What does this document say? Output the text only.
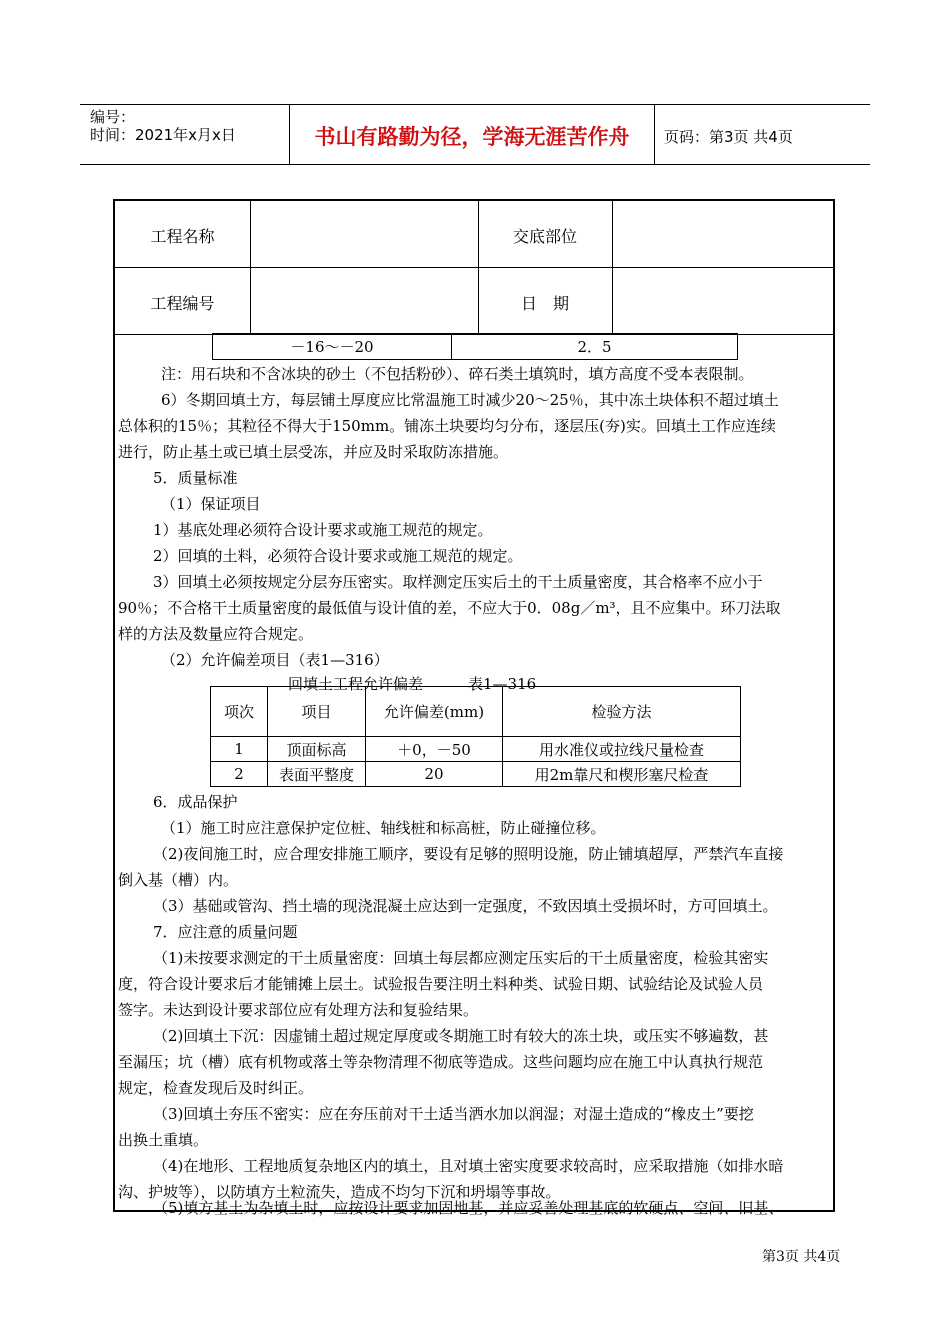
编号：
时间：2021年x月x日	书山有路勤为径，学海无涯苦作舟	页码：第3页 共4页
工程名称	交底部位
工程编号	日　期
－16～－20	2．5
注：用石块和不含冰块的砂土（不包括粉砂）、碎石类土填筑时，填方高度不受本表限制。
6）冬期回填土方，每层铺土厚度应比常温施工时减少20～25％，其中冻土块体积不超过填土
总体积的15％；其粒径不得大于150mm。铺冻土块要均匀分布，逐层压(夯)实。回填土工作应连续
进行，防止基土或已填土层受冻，并应及时采取防冻措施。
5．质量标准
（1）保证项目
1）基底处理必须符合设计要求或施工规范的规定。
2）回填的土料，必须符合设计要求或施工规范的规定。
3）回填土必须按规定分层夯压密实。取样测定压实后土的干土质量密度，其合格率不应小于
90％；不合格干土质量密度的最低值与设计值的差，不应大于0．08g／m³，且不应集中。环刀法取
样的方法及数量应符合规定。
（2）允许偏差项目（表1—316）
回填土工程允许偏差　　　表1—316
项次	项目	允许偏差(mm)	检验方法
1	顶面标高	＋0，－50	用水准仪或拉线尺量检查
2	表面平整度	20	用2m靠尺和楔形塞尺检查
6．成品保护
（1）施工时应注意保护定位桩、轴线桩和标高桩，防止碰撞位移。
（2)夜间施工时，应合理安排施工顺序，要设有足够的照明设施，防止铺填超厚，严禁汽车直接
倒入基（槽）内。
（3）基础或管沟、挡土墙的现浇混凝土应达到一定强度，不致因填土受损坏时，方可回填土。
7．应注意的质量问题
（1)未按要求测定的干土质量密度：回填土每层都应测定压实后的干土质量密度，检验其密实
度，符合设计要求后才能铺摊上层土。试验报告要注明土料种类、试验日期、试验结论及试验人员
签字。未达到设计要求部位应有处理方法和复验结果。
（2)回填土下沉：因虚铺土超过规定厚度或冬期施工时有较大的冻土块，或压实不够遍数，甚
至漏压；坑（槽）底有机物或落土等杂物清理不彻底等造成。这些问题均应在施工中认真执行规范
规定，检查发现后及时纠正。
（3)回填土夯压不密实：应在夯压前对干土适当洒水加以润湿；对湿土造成的“橡皮土”要挖
出换土重填。
（4)在地形、工程地质复杂地区内的填土，且对填土密实度要求较高时，应采取措施（如排水暗
沟、护坡等），以防填方土粒流失，造成不均匀下沉和坍塌等事故。
（5)填方基土为杂填土时，应按设计要求加固地基，并应妥善处理基底的软硬点、空间、旧基、
第3页 共4页
